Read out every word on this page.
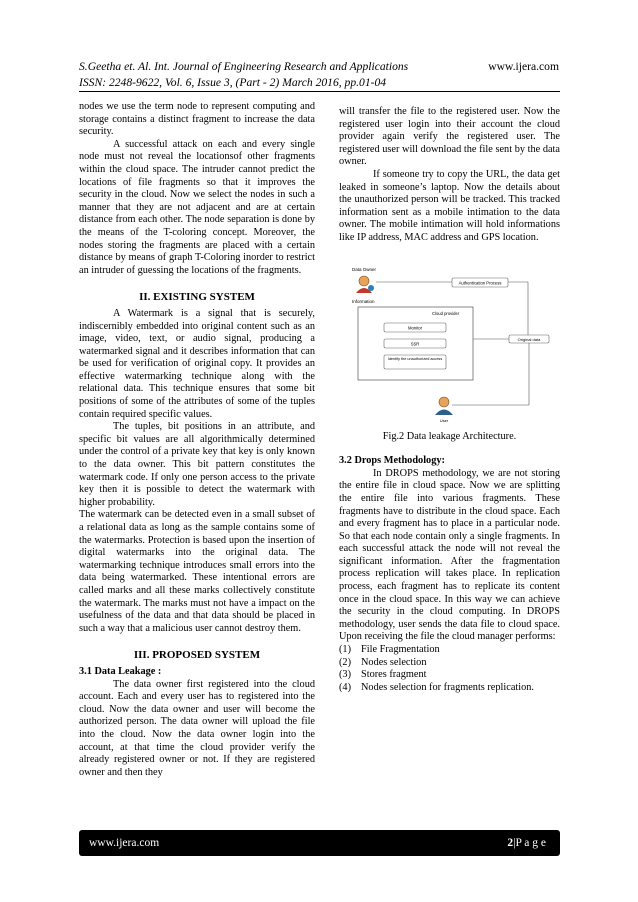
S.Geetha et. Al. Int. Journal of Engineering Research and Applications
ISSN: 2248-9622, Vol. 6, Issue 3, (Part - 2) March 2016, pp.01-04
www.ijera.com

nodes we use the term node to represent computing and storage contains a distinct fragment to increase the data security.

A successful attack on each and every single node must not reveal the locationsof other fragments within the cloud space. The intruder cannot predict the locations of file fragments so that it improves the security in the cloud. Now we select the nodes in such a manner that they are not adjacent and are at certain distance from each other. The node separation is done by the means of the T-coloring concept. Moreover, the nodes storing the fragments are placed with a certain distance by means of graph T-Coloring inorder to restrict an intruder of guessing the locations of the fragments.

II. EXISTING SYSTEM

A Watermark is a signal that is securely, indiscernibly embedded into original content such as an image, video, text, or audio signal, producing a watermarked signal and it describes information that can be used for verification of original copy. It provides an effective watermarking technique along with the relational data. This technique ensures that some bit positions of some of the attributes of some of the tuples contain required specific values.

The tuples, bit positions in an attribute, and specific bit values are all algorithmically determined under the control of a private key that key is only known to the data owner. This bit pattern constitutes the watermark code. If only one person access to the private key then it is possible to detect the watermark with higher probability.

The watermark can be detected even in a small subset of a relational data as long as the sample contains some of the watermarks. Protection is based upon the insertion of digital watermarks into the original data. The watermarking technique introduces small errors into the data being watermarked. These intentional errors are called marks and all these marks collectively constitute the watermark. The marks must not have a impact on the usefulness of the data and that data should be placed in such a way that a malicious user cannot destroy them.

III. PROPOSED SYSTEM

3.1 Data Leakage :

The data owner first registered into the cloud account. Each and every user has to registered into the cloud. Now the data owner and user will become the authorized person. The data owner will upload the file into the cloud. Now the data owner login into the account, at that time the cloud provider verify the already registered owner or not. If they are registered owner and then they

will transfer the file to the registered user. Now the registered user login into their account the cloud provider again verify the registered user. The registered user will download the file sent by the data owner.

If someone try to copy the URL, the data get leaked in someone’s laptop. Now the details about the unauthorized person will be tracked. This tracked information sent as a mobile intimation to the data owner. The mobile intimation will hold informations like IP address, MAC address and GPS location.

Data Owner
Information
Authentication Process
Cloud provider
Monitor
SSR
Identify the unauthorized access
Original data
User

Fig.2 Data leakage Architecture.

3.2 Drops Methodology:

In DROPS methodology, we are not storing the entire file in cloud space. Now we are splitting the entire file into various fragments. These fragments have to distribute in the cloud space. Each and every fragment has to place in a particular node. So that each node contain only a single fragments. In each successful attack the node will not reveal the significant information. After the fragmentation process replication will takes place. In replication process, each fragment has to replicate its content once in the cloud space. In this way we can achieve the security in the cloud computing. In DROPS methodology, user sends the data file to cloud space. Upon receiving the file the cloud manager performs:

(1) File Fragmentation
(2) Nodes selection
(3) Stores fragment
(4) Nodes selection for fragments replication.
www.ijera.com	2|P a g e
